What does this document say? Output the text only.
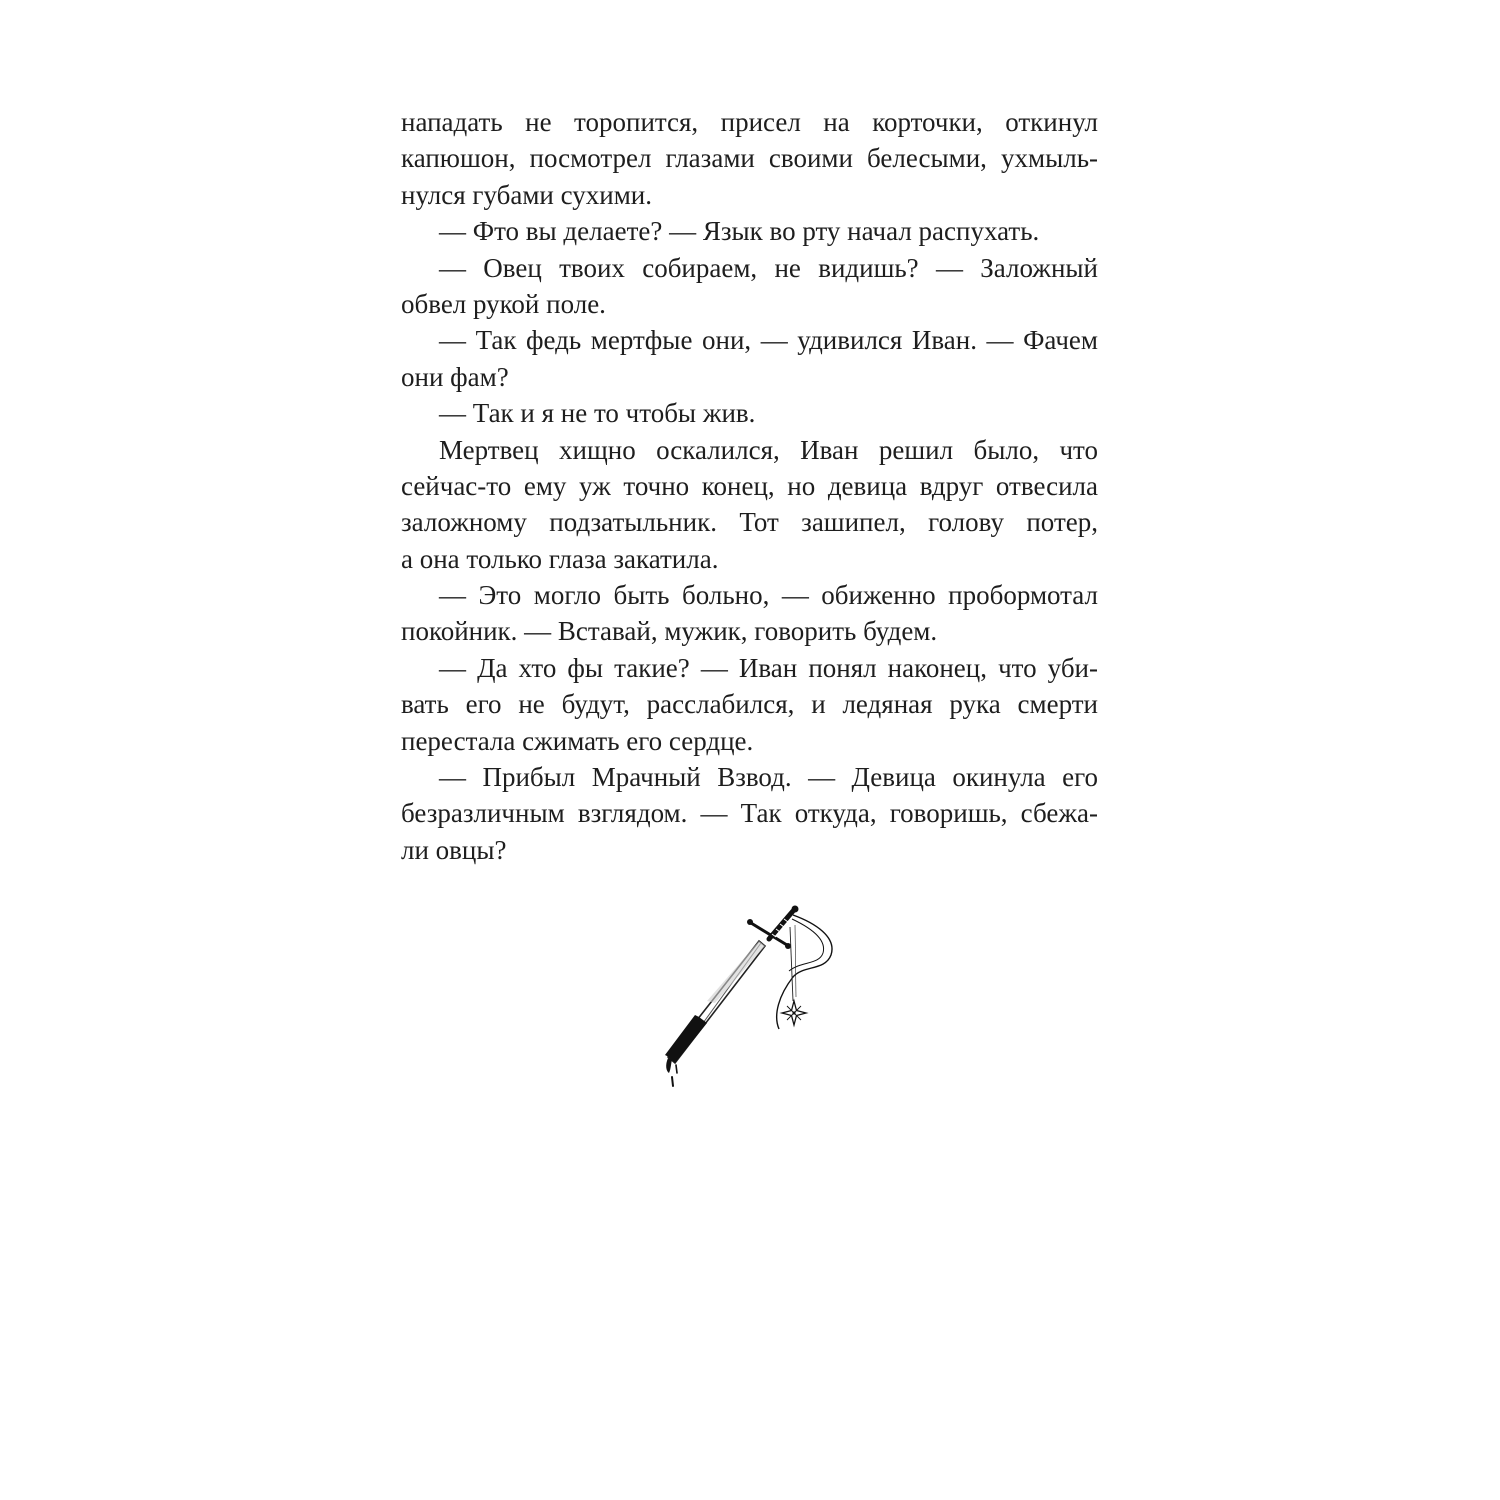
нападать не торопится, присел на корточки, откинул
капюшон, посмотрел глазами своими белесыми, ухмыль-
нулся губами сухими.
— Фто вы делаете? — Язык во рту начал распухать.
— Овец твоих собираем, не видишь? — Заложный
обвел рукой поле.
— Так федь мертфые они, — удивился Иван. — Фачем
они фам?
— Так и я не то чтобы жив.
Мертвец хищно оскалился, Иван решил было, что
сейчас-то ему уж точно конец, но девица вдруг отвесила
заложному подзатыльник. Тот зашипел, голову потер,
а она только глаза закатила.
— Это могло быть больно, — обиженно пробормотал
покойник. — Вставай, мужик, говорить будем.
— Да хто фы такие? — Иван понял наконец, что уби-
вать его не будут, расслабился, и ледяная рука смерти
перестала сжимать его сердце.
— Прибыл Мрачный Взвод. — Девица окинула его
безразличным взглядом. — Так откуда, говоришь, сбежа-
ли овцы?
